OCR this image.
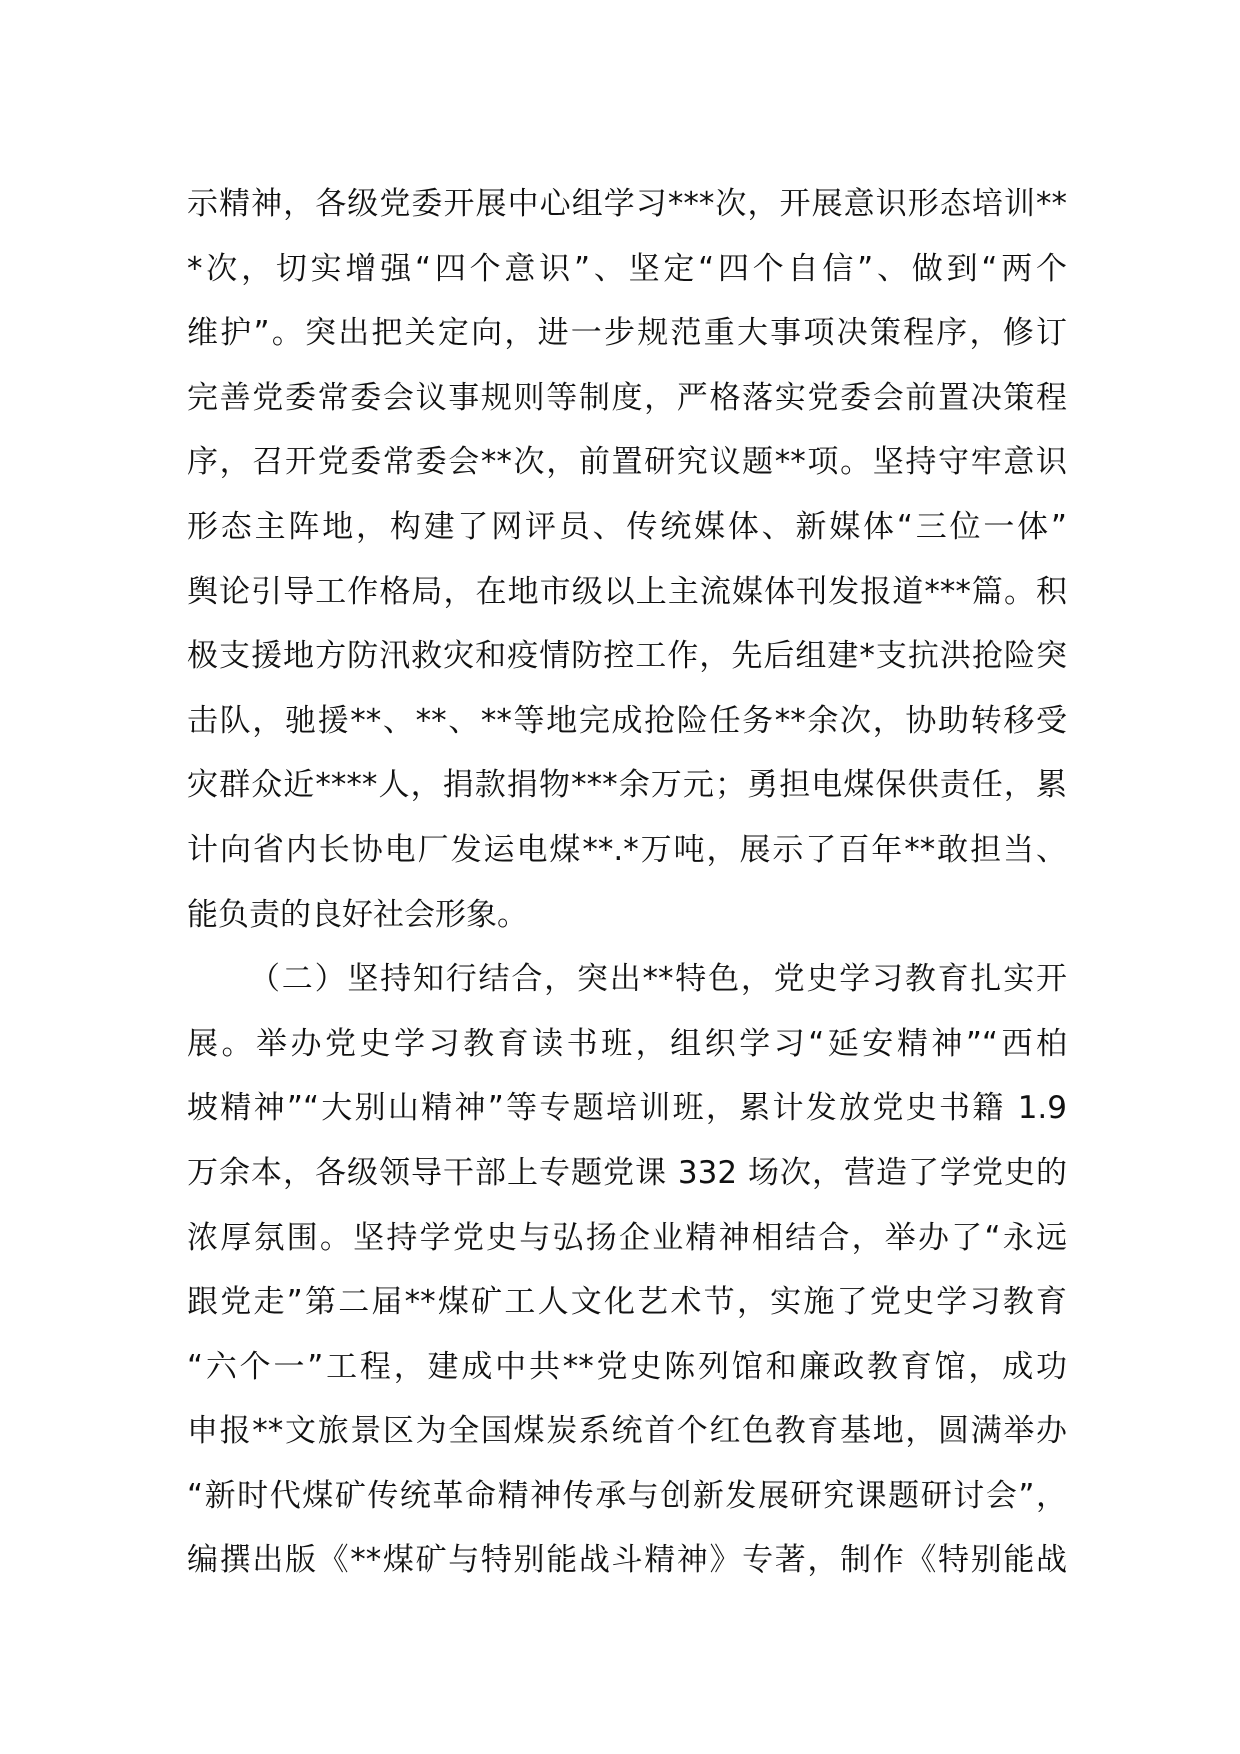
示精神，各级党委开展中心组学习***次，开展意识形态培训**
*次，切实增强“四个意识”、坚定“四个自信”、做到“两个
维护”。突出把关定向，进一步规范重大事项决策程序，修订
完善党委常委会议事规则等制度，严格落实党委会前置决策程
序，召开党委常委会**次，前置研究议题**项。坚持守牢意识
形态主阵地，构建了网评员、传统媒体、新媒体“三位一体”
舆论引导工作格局，在地市级以上主流媒体刊发报道***篇。积
极支援地方防汛救灾和疫情防控工作，先后组建*支抗洪抢险突
击队，驰援**、**、**等地完成抢险任务**余次，协助转移受
灾群众近****人，捐款捐物***余万元；勇担电煤保供责任，累
计向省内长协电厂发运电煤**.*万吨，展示了百年**敢担当、
能负责的良好社会形象。
（二）坚持知行结合，突出**特色，党史学习教育扎实开
展。举办党史学习教育读书班，组织学习“延安精神”“西柏
坡精神”“大别山精神”等专题培训班，累计发放党史书籍 1.9
万余本，各级领导干部上专题党课 332 场次，营造了学党史的
浓厚氛围。坚持学党史与弘扬企业精神相结合，举办了“永远
跟党走”第二届**煤矿工人文化艺术节，实施了党史学习教育
“六个一”工程，建成中共**党史陈列馆和廉政教育馆，成功
申报**文旅景区为全国煤炭系统首个红色教育基地，圆满举办
“新时代煤矿传统革命精神传承与创新发展研究课题研讨会”，
编撰出版《**煤矿与特别能战斗精神》专著，制作《特别能战
